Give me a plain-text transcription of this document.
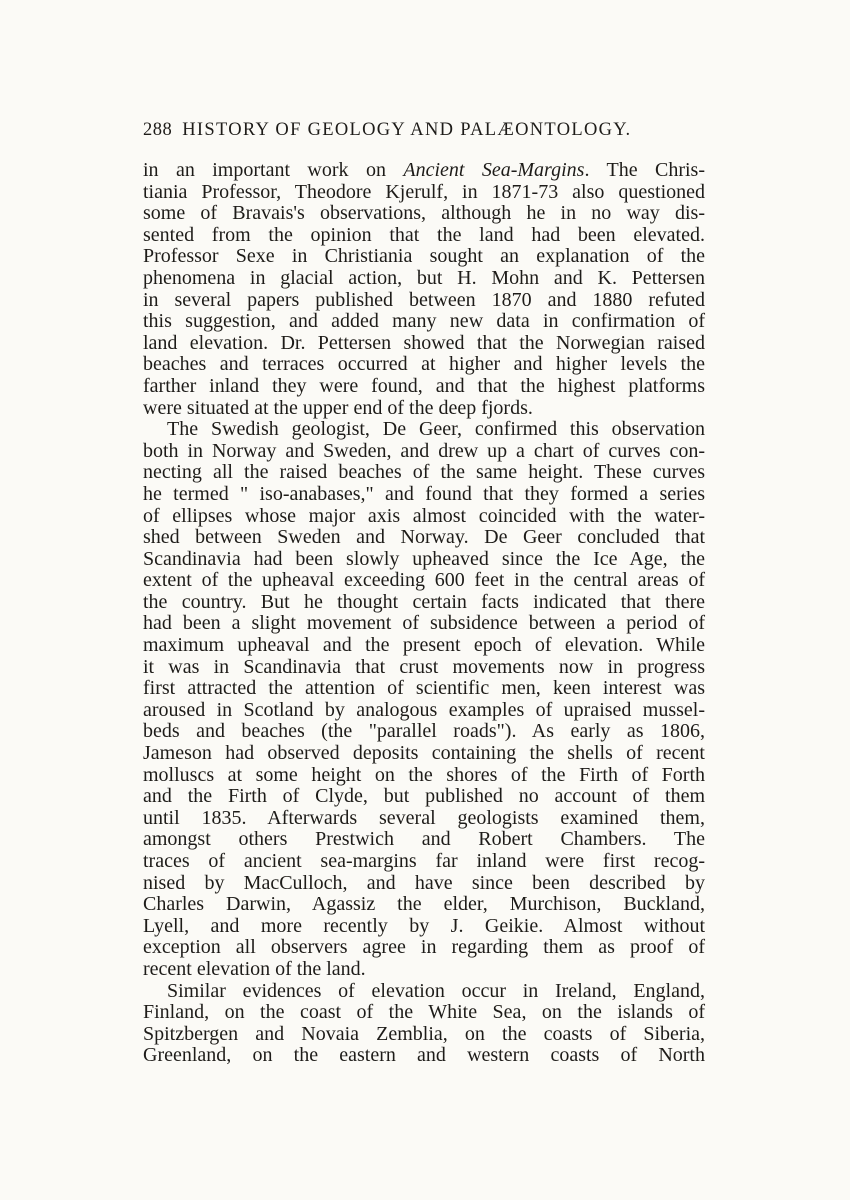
288 HISTORY OF GEOLOGY AND PALÆONTOLOGY.
in an important work on Ancient Sea-Margins. The Chris-
tiania Professor, Theodore Kjerulf, in 1871-73 also questioned
some of Bravais's observations, although he in no way dis-
sented from the opinion that the land had been elevated.
Professor Sexe in Christiania sought an explanation of the
phenomena in glacial action, but H. Mohn and K. Pettersen
in several papers published between 1870 and 1880 refuted
this suggestion, and added many new data in confirmation of
land elevation. Dr. Pettersen showed that the Norwegian raised
beaches and terraces occurred at higher and higher levels the
farther inland they were found, and that the highest platforms
were situated at the upper end of the deep fjords.
The Swedish geologist, De Geer, confirmed this observation
both in Norway and Sweden, and drew up a chart of curves con-
necting all the raised beaches of the same height. These curves
he termed " iso-anabases," and found that they formed a series
of ellipses whose major axis almost coincided with the water-
shed between Sweden and Norway. De Geer concluded that
Scandinavia had been slowly upheaved since the Ice Age, the
extent of the upheaval exceeding 600 feet in the central areas of
the country. But he thought certain facts indicated that there
had been a slight movement of subsidence between a period of
maximum upheaval and the present epoch of elevation. While
it was in Scandinavia that crust movements now in progress
first attracted the attention of scientific men, keen interest was
aroused in Scotland by analogous examples of upraised mussel-
beds and beaches (the "parallel roads"). As early as 1806,
Jameson had observed deposits containing the shells of recent
molluscs at some height on the shores of the Firth of Forth
and the Firth of Clyde, but published no account of them
until 1835. Afterwards several geologists examined them,
amongst others Prestwich and Robert Chambers. The
traces of ancient sea-margins far inland were first recog-
nised by MacCulloch, and have since been described by
Charles Darwin, Agassiz the elder, Murchison, Buckland,
Lyell, and more recently by J. Geikie. Almost without
exception all observers agree in regarding them as proof of
recent elevation of the land.
Similar evidences of elevation occur in Ireland, England,
Finland, on the coast of the White Sea, on the islands of
Spitzbergen and Novaia Zemblia, on the coasts of Siberia,
Greenland, on the eastern and western coasts of North
